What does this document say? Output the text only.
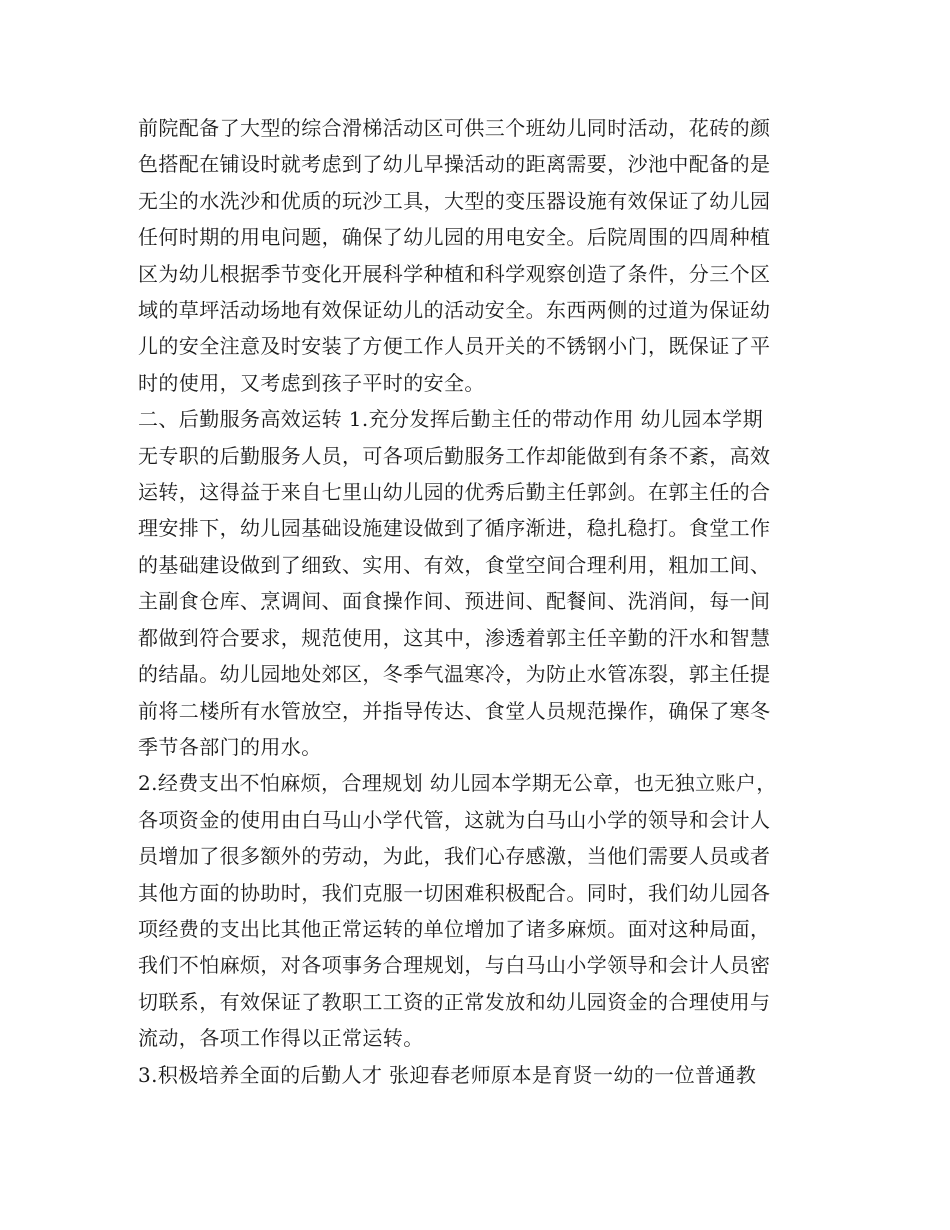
前院配备了大型的综合滑梯活动区可供三个班幼儿同时活动，花砖的颜
色搭配在铺设时就考虑到了幼儿早操活动的距离需要，沙池中配备的是
无尘的水洗沙和优质的玩沙工具，大型的变压器设施有效保证了幼儿园
任何时期的用电问题，确保了幼儿园的用电安全。后院周围的四周种植
区为幼儿根据季节变化开展科学种植和科学观察创造了条件，分三个区
域的草坪活动场地有效保证幼儿的活动安全。东西两侧的过道为保证幼
儿的安全注意及时安装了方便工作人员开关的不锈钢小门，既保证了平
时的使用，又考虑到孩子平时的安全。
二、后勤服务高效运转 1.充分发挥后勤主任的带动作用 幼儿园本学期
无专职的后勤服务人员，可各项后勤服务工作却能做到有条不紊，高效
运转，这得益于来自七里山幼儿园的优秀后勤主任郭剑。在郭主任的合
理安排下，幼儿园基础设施建设做到了循序渐进，稳扎稳打。食堂工作
的基础建设做到了细致、实用、有效，食堂空间合理利用，粗加工间、
主副食仓库、烹调间、面食操作间、预进间、配餐间、洗消间，每一间
都做到符合要求，规范使用，这其中，渗透着郭主任辛勤的汗水和智慧
的结晶。幼儿园地处郊区，冬季气温寒冷，为防止水管冻裂，郭主任提
前将二楼所有水管放空，并指导传达、食堂人员规范操作，确保了寒冬
季节各部门的用水。
2.经费支出不怕麻烦，合理规划 幼儿园本学期无公章，也无独立账户，
各项资金的使用由白马山小学代管，这就为白马山小学的领导和会计人
员增加了很多额外的劳动，为此，我们心存感激，当他们需要人员或者
其他方面的协助时，我们克服一切困难积极配合。同时，我们幼儿园各
项经费的支出比其他正常运转的单位增加了诸多麻烦。面对这种局面，
我们不怕麻烦，对各项事务合理规划，与白马山小学领导和会计人员密
切联系，有效保证了教职工工资的正常发放和幼儿园资金的合理使用与
流动，各项工作得以正常运转。
3.积极培养全面的后勤人才 张迎春老师原本是育贤一幼的一位普通教
